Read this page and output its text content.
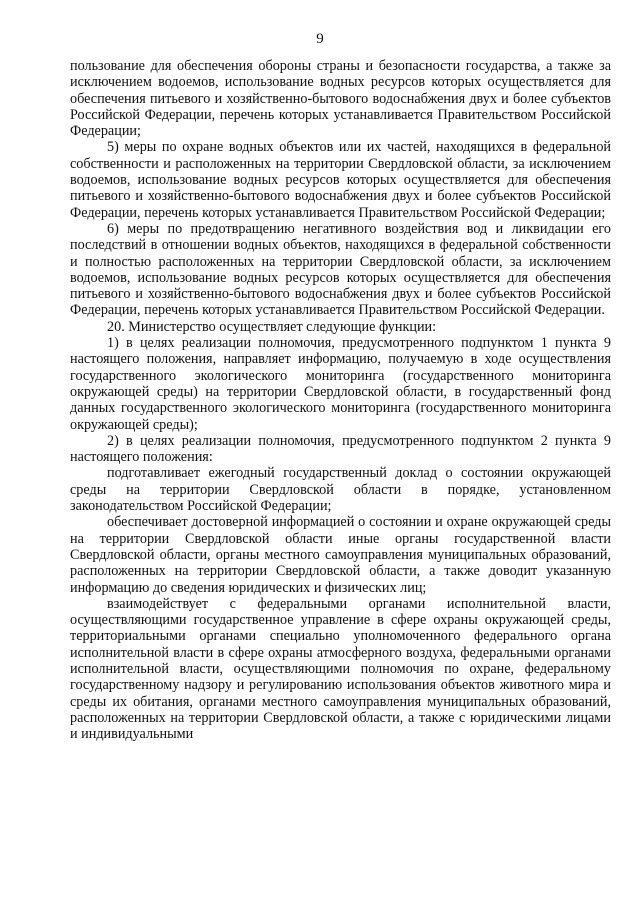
9

пользование для обеспечения обороны страны и безопасности государства, а также за исключением водоемов, использование водных ресурсов которых осуществляется для обеспечения питьевого и хозяйственно-бытового водоснабжения двух и более субъектов Российской Федерации, перечень которых устанавливается Правительством Российской Федерации;

5) меры по охране водных объектов или их частей, находящихся в федеральной собственности и расположенных на территории Свердловской области, за исключением водоемов, использование водных ресурсов которых осуществляется для обеспечения питьевого и хозяйственно-бытового водоснабжения двух и более субъектов Российской Федерации, перечень которых устанавливается Правительством Российской Федерации;

6) меры по предотвращению негативного воздействия вод и ликвидации его последствий в отношении водных объектов, находящихся в федеральной собственности и полностью расположенных на территории Свердловской области, за исключением водоемов, использование водных ресурсов которых осуществляется для обеспечения питьевого и хозяйственно-бытового водоснабжения двух и более субъектов Российской Федерации, перечень которых устанавливается Правительством Российской Федерации.

20. Министерство осуществляет следующие функции:

1) в целях реализации полномочия, предусмотренного подпунктом 1 пункта 9 настоящего положения, направляет информацию, получаемую в ходе осуществления государственного экологического мониторинга (государственного мониторинга окружающей среды) на территории Свердловской области, в государственный фонд данных государственного экологического мониторинга (государственного мониторинга окружающей среды);

2) в целях реализации полномочия, предусмотренного подпунктом 2 пункта 9 настоящего положения:

подготавливает ежегодный государственный доклад о состоянии окружающей среды на территории Свердловской области в порядке, установленном законодательством Российской Федерации;

обеспечивает достоверной информацией о состоянии и охране окружающей среды на территории Свердловской области иные органы государственной власти Свердловской области, органы местного самоуправления муниципальных образований, расположенных на территории Свердловской области, а также доводит указанную информацию до сведения юридических и физических лиц;

взаимодействует с федеральными органами исполнительной власти, осуществляющими государственное управление в сфере охраны окружающей среды, территориальными органами специально уполномоченного федерального органа исполнительной власти в сфере охраны атмосферного воздуха, федеральными органами исполнительной власти, осуществляющими полномочия по охране, федеральному государственному надзору и регулированию использования объектов животного мира и среды их обитания, органами местного самоуправления муниципальных образований, расположенных на территории Свердловской области, а также с юридическими лицами и индивидуальными
